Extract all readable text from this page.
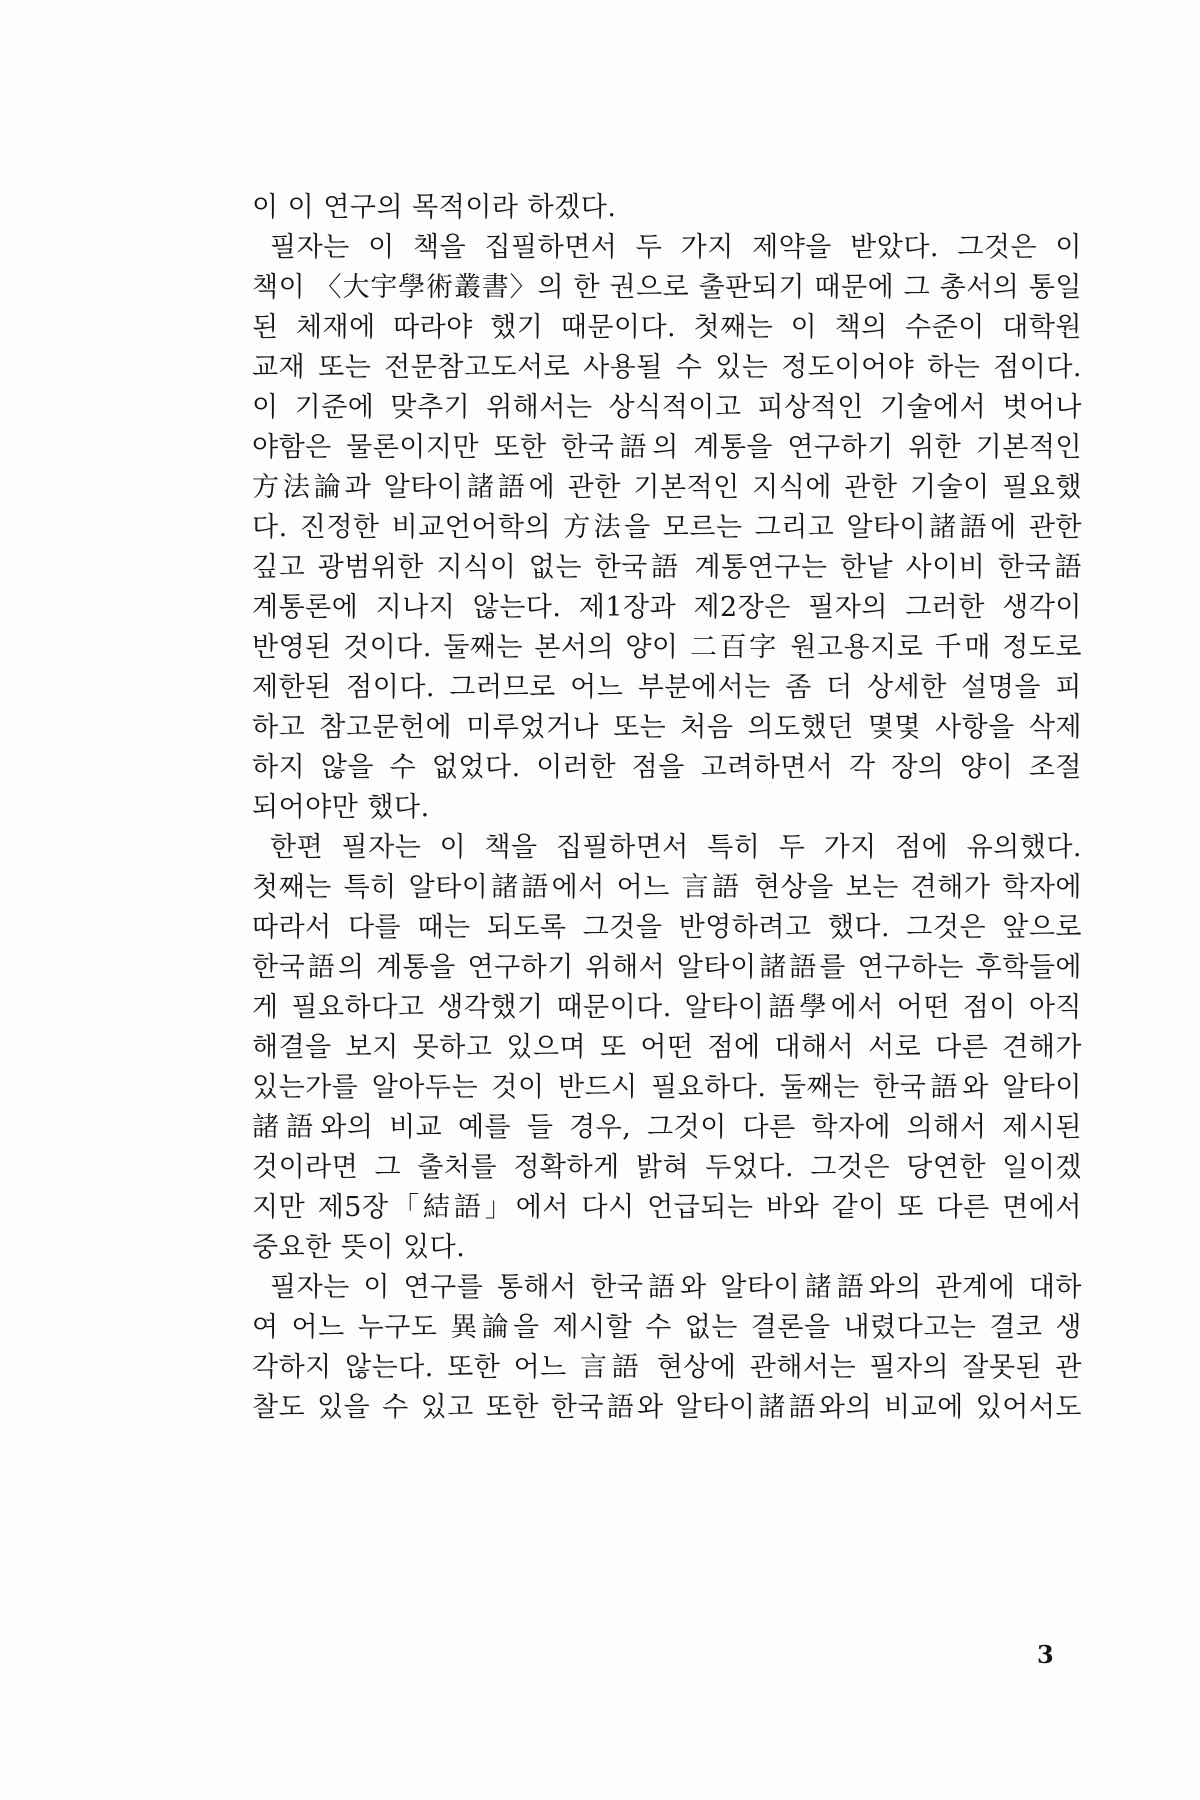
이 이 연구의 목적이라 하겠다.
필자는 이 책을 집필하면서 두 가지 제약을 받았다. 그것은 이
책이 〈大宇學術叢書〉의 한 권으로 출판되기 때문에 그 총서의 통일
된 체재에 따라야 했기 때문이다. 첫째는 이 책의 수준이 대학원
교재 또는 전문참고도서로 사용될 수 있는 정도이어야 하는 점이다.
이 기준에 맞추기 위해서는 상식적이고 피상적인 기술에서 벗어나
야함은 물론이지만 또한 한국語의 계통을 연구하기 위한 기본적인
方法論과 알타이諸語에 관한 기본적인 지식에 관한 기술이 필요했
다. 진정한 비교언어학의 方法을 모르는 그리고 알타이諸語에 관한
깊고 광범위한 지식이 없는 한국語 계통연구는 한낱 사이비 한국語
계통론에 지나지 않는다. 제1장과 제2장은 필자의 그러한 생각이
반영된 것이다. 둘째는 본서의 양이 二百字 원고용지로 千매 정도로
제한된 점이다. 그러므로 어느 부분에서는 좀 더 상세한 설명을 피
하고 참고문헌에 미루었거나 또는 처음 의도했던 몇몇 사항을 삭제
하지 않을 수 없었다. 이러한 점을 고려하면서 각 장의 양이 조절
되어야만 했다.
한편 필자는 이 책을 집필하면서 특히 두 가지 점에 유의했다.
첫째는 특히 알타이諸語에서 어느 言語 현상을 보는 견해가 학자에
따라서 다를 때는 되도록 그것을 반영하려고 했다. 그것은 앞으로
한국語의 계통을 연구하기 위해서 알타이諸語를 연구하는 후학들에
게 필요하다고 생각했기 때문이다. 알타이語學에서 어떤 점이 아직
해결을 보지 못하고 있으며 또 어떤 점에 대해서 서로 다른 견해가
있는가를 알아두는 것이 반드시 필요하다. 둘째는 한국語와 알타이
諸語와의 비교 예를 들 경우, 그것이 다른 학자에 의해서 제시된
것이라면 그 출처를 정확하게 밝혀 두었다. 그것은 당연한 일이겠
지만 제5장「結語」에서 다시 언급되는 바와 같이 또 다른 면에서
중요한 뜻이 있다.
필자는 이 연구를 통해서 한국語와 알타이諸語와의 관계에 대하
여 어느 누구도 異論을 제시할 수 없는 결론을 내렸다고는 결코 생
각하지 않는다. 또한 어느 言語 현상에 관해서는 필자의 잘못된 관
찰도 있을 수 있고 또한 한국語와 알타이諸語와의 비교에 있어서도
3
